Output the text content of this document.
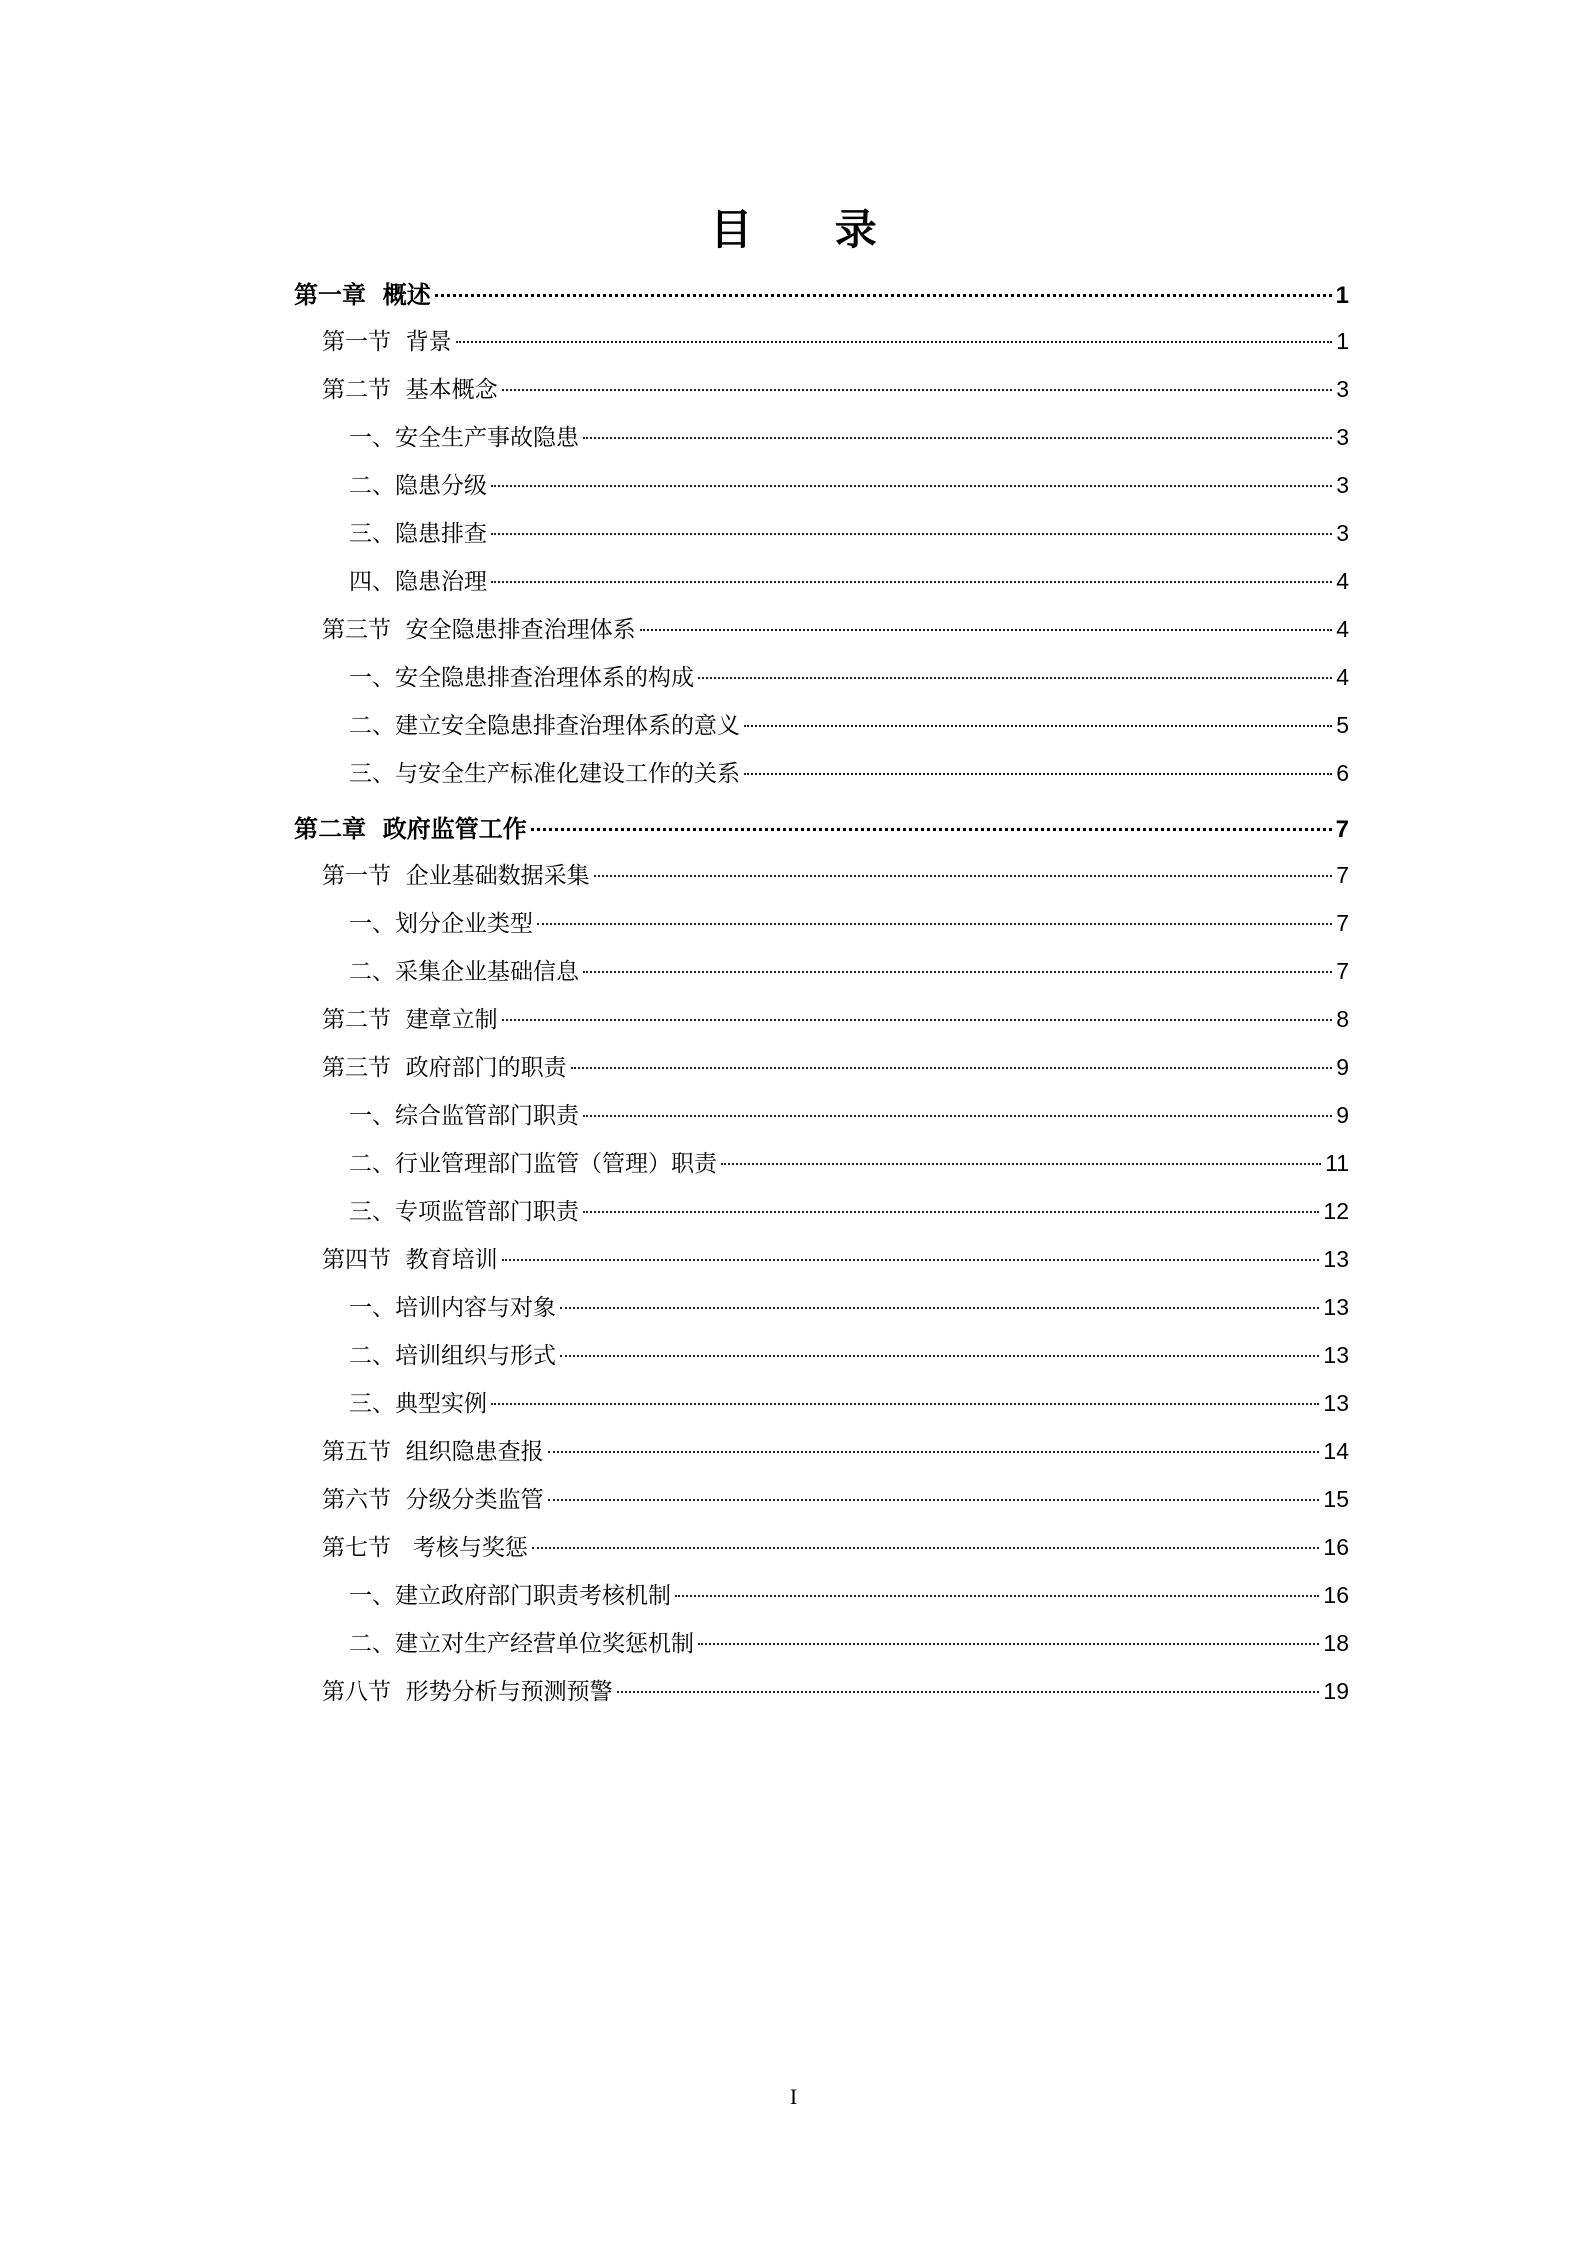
目 录
第一章  概述	1
第一节  背景	1
第二节  基本概念	3
一、安全生产事故隐患	3
二、隐患分级	3
三、隐患排查	3
四、隐患治理	4
第三节  安全隐患排查治理体系	4
一、安全隐患排查治理体系的构成	4
二、建立安全隐患排查治理体系的意义	5
三、与安全生产标准化建设工作的关系	6
第二章  政府监管工作	7
第一节  企业基础数据采集	7
一、划分企业类型	7
二、采集企业基础信息	7
第二节  建章立制	8
第三节  政府部门的职责	9
一、综合监管部门职责	9
二、行业管理部门监管（管理）职责	11
三、专项监管部门职责	12
第四节  教育培训	13
一、培训内容与对象	13
二、培训组织与形式	13
三、典型实例	13
第五节  组织隐患查报	14
第六节  分级分类监管	15
第七节   考核与奖惩	16
一、建立政府部门职责考核机制	16
二、建立对生产经营单位奖惩机制	18
第八节  形势分析与预测预警	19
I
